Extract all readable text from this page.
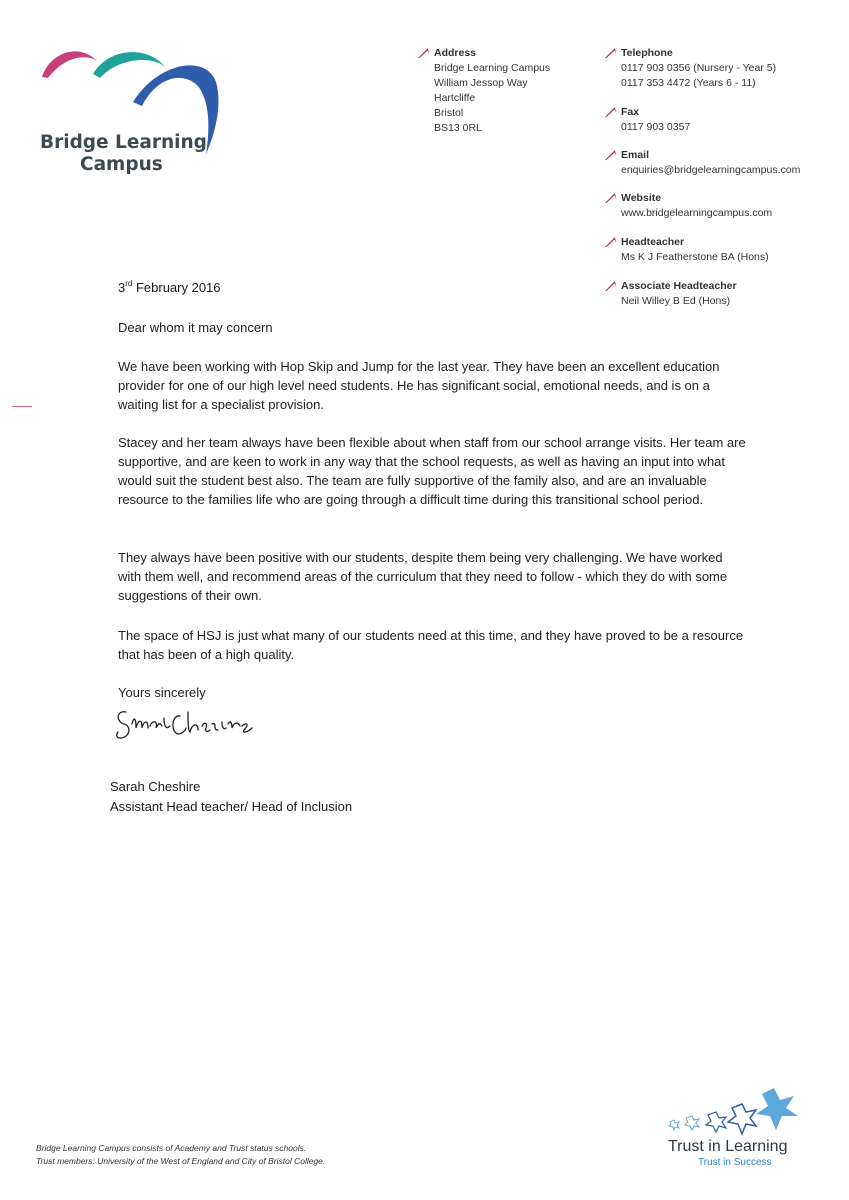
Bridge Learning
Campus
Address
Bridge Learning Campus
William Jessop Way
Hartcliffe
Bristol
BS13 0RL
Telephone
0117 903 0356 (Nursery - Year 5)
0117 353 4472 (Years 6 - 11)
Fax
0117 903 0357
Email
enquiries@bridgelearningcampus.com
Website
www.bridgelearningcampus.com
Headteacher
Ms K J Featherstone BA (Hons)
Associate Headteacher
Neil Willey B Ed (Hons)
3rd February 2016

Dear whom it may concern

We have been working with Hop Skip and Jump for the last year. They have been an excellent education provider for one of our high level need students. He has significant social, emotional needs, and is on a waiting list for a specialist provision.

Stacey and her team always have been flexible about when staff from our school arrange visits. Her team are supportive, and are keen to work in any way that the school requests, as well as having an input into what would suit the student best also. The team are fully supportive of the family also, and are an invaluable resource to the families life who are going through a difficult time during this transitional school period.

They always have been positive with our students, despite them being very challenging. We have worked with them well, and recommend areas of the curriculum that they need to follow - which they do with some suggestions of their own.

The space of HSJ is just what many of our students need at this time, and they have proved to be a resource that has been of a high quality.

Yours sincerely

Sarah Cheshire
Assistant Head teacher/ Head of Inclusion
Bridge Learning Campus consists of Academy and Trust status schools.
Trust members: University of the West of England and City of Bristol College.
Trust in Learning
Trust in Success
